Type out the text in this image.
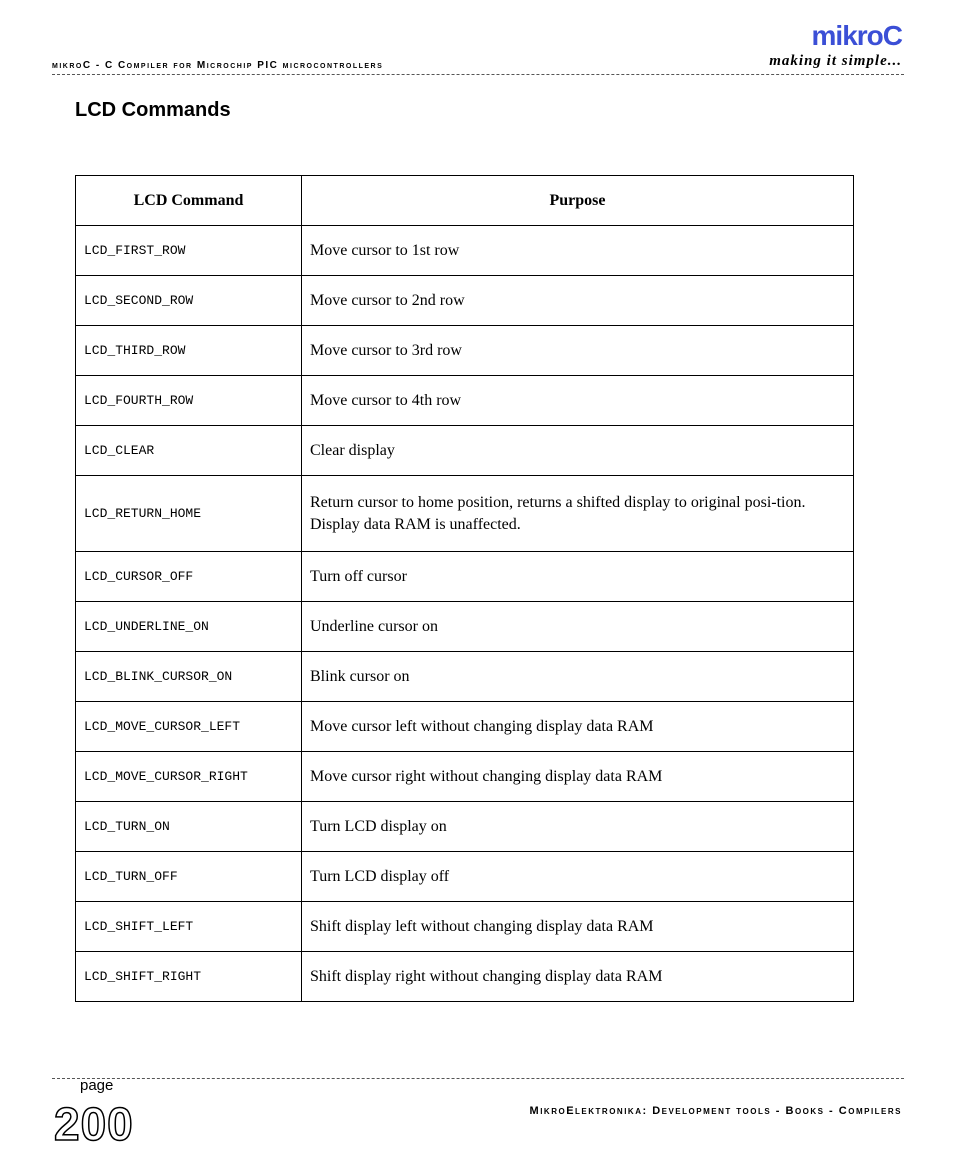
mikroC - C Compiler for Microchip PIC microcontrollers
mikroC
making it simple...
LCD Commands
LCD Command	Purpose
LCD_FIRST_ROW	Move cursor to 1st row
LCD_SECOND_ROW	Move cursor to 2nd row
LCD_THIRD_ROW	Move cursor to 3rd row
LCD_FOURTH_ROW	Move cursor to 4th row
LCD_CLEAR	Clear display
LCD_RETURN_HOME	Return cursor to home position, returns a shifted display to original posi-tion. Display data RAM is unaffected.
LCD_CURSOR_OFF	Turn off cursor
LCD_UNDERLINE_ON	Underline cursor on
LCD_BLINK_CURSOR_ON	Blink cursor on
LCD_MOVE_CURSOR_LEFT	Move cursor left without changing display data RAM
LCD_MOVE_CURSOR_RIGHT	Move cursor right without changing display data RAM
LCD_TURN_ON	Turn LCD display on
LCD_TURN_OFF	Turn LCD display off
LCD_SHIFT_LEFT	Shift display left without changing display data RAM
LCD_SHIFT_RIGHT	Shift display right without changing display data RAM
page
200	MikroElektronika: Development tools - Books - Compilers
